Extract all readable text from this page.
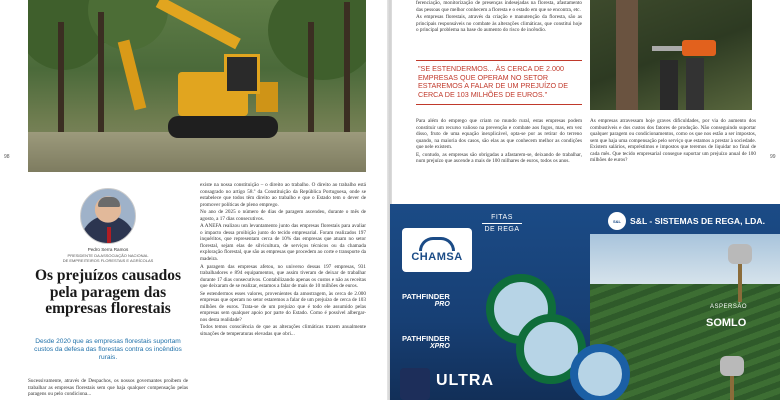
Pedro Serra Ramos
PRESIDENTE DA ASSOCIAÇÃO NACIONAL
DE EMPREITEIROS FLORESTAIS E AGRÍCOLAS
Os prejuízos causados pela paragem das empresas florestais
Desde 2020 que as empresas florestais suportam custos da defesa das florestas contra os incêndios rurais.

Sucessivamente, através de Despachos, os nossos governantes proibem de trabalhar as empresas florestais sem que haja qualquer compensação pelas paragens ou pelo condiciona...

existe na nossa constituição – o direito ao trabalho. O direito ao trabalho está consagrado no artigo 58.º da Constituição da República Portuguesa, onde se estabelece que todos têm direito ao trabalho e que o Estado tem o dever de promover políticas de pleno emprego.

No ano de 2025 o número de dias de paragem ascendeu, durante o mês de agosto, a 17 dias consecutivos.

A ANEFA realizou um levantamento junto das empresas florestais para avaliar o impacto dessa proibição junto do tecido empresarial. Foram realizados 197 inquéritos, que representam cerca de 10% das empresas que atuam no setor florestal, sejam elas de silvicultura, de serviços técnicos ou da chamada exploração florestal, que são as empresas que procedem ao corte e transporte da madeira.

A paragem das empresas afetou, no universo dessas 197 empresas, 931 trabalhadores e 894 equipamentos, que assim tiveram de deixar de trabalhar durante 17 dias consecutivos. Contabilizando apenas os custos e não as receitas que deixaram de se realizar, estamos a falar de mais de 10 milhões de euros.

Se estendermos esses valores, provenientes da amostragem, às cerca de 2.000 empresas que operam no setor estaremos a falar de um prejuízo de cerca de 103 milhões de euros. Trata-se de um prejuízo que é todo ele assumido pelas empresas sem qualquer apoio por parte do Estado. Como é possível albergar-nos desta realidade?

Todos temos consciência de que as alterações climáticas trazem anualmente situações de temperaturas elevadas que obri...

98

ferenciação, monitorização de presenças indesejadas na floresta, afastamento das pessoas que melhor conhecem a floresta e o estado em que se encontra, etc.

As empresas florestais, através da criação e manutenção da floresta, são as principais responsáveis no combate às alterações climáticas, que constitui hoje o principal problema na base do aumento do risco de incêndio.

"SE ESTENDERMOS... ÀS CERCA DE 2.000 EMPRESAS QUE OPERAM NO SETOR ESTAREMOS A FALAR DE UM PREJUÍZO DE CERCA DE 103 MILHÕES DE EUROS."

Para além do emprego que criam no mundo rural, estas empresas podem constituir um recurso valioso na prevenção e combate aos fogos, mas, em vez disso, fruto de uma equação inexplicável, opta-se por as retirar do terreno quando, na maioria dos casos, são elas as que conhecem melhor as condições que nele existem.

E, contudo, as empresas são obrigadas a afastarem-se, deixando de trabalhar, num prejuízo que ascende a mais de 100 milhares de euros, todos os anos.

As empresas atravessam hoje graves dificuldades, por via do aumento dos combustíveis e dos custos dos fatores de produção. Não conseguindo suportar qualquer paragem ou condicionamentos, como os que nos estão a ser impostos, sem que haja uma compensação pelo serviço que estamos a prestar à sociedade. Existem salários, empréstimos e impostos que teremos de liquidar no final de cada mês. Que tecido empresarial consegue suportar um prejuízo anual de 100 milhões de euros?

99
CHAMSA
FITAS
DE REGA
S&L	S&L - SISTEMAS DE REGA, LDA.
PATHFINDER
PRO
PATHFINDER
XPRO
ULTRA
ASPERSÃO
SOMLO
